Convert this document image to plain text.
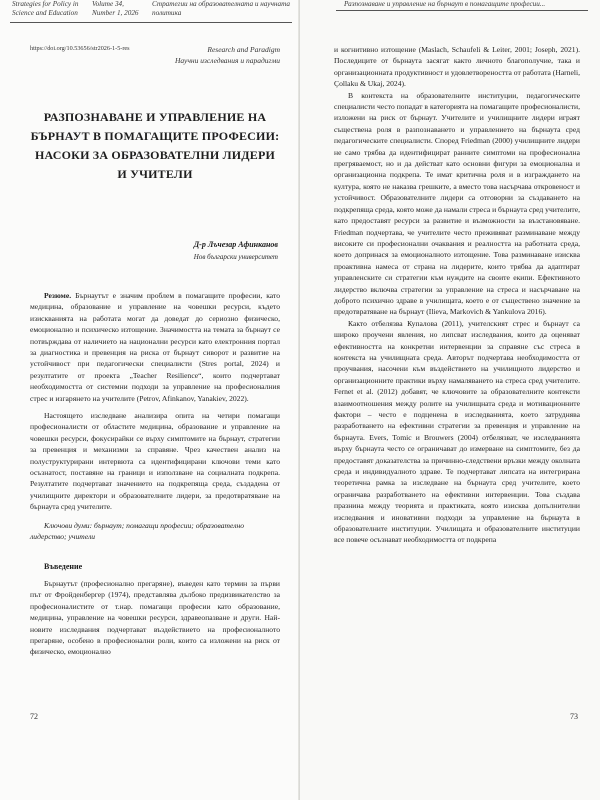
Strategies for Policy in Science and Education
Volume 34, Number 1, 2026
Стратегии на образователната и научната политика
https://doi.org/10.53656/str2026-1-5-res	Research and Paradigm
Научни изследвания и парадигми
РАЗПОЗНАВАНЕ И УПРАВЛЕНИЕ НА БЪРНАУТ В ПОМАГАЩИТЕ ПРОФЕСИИ: НАСОКИ ЗА ОБРАЗОВАТЕЛНИ ЛИДЕРИ И УЧИТЕЛИ
Д-р Лъчезар Афинканов
Нов български университет
Резюме. Бърнаутът е значим проблем в помагащите професии, като медицина, образование и управление на човешки ресурси, където изискванията на работата могат да доведат до сериозно физическо, емоционално и психическо изтощение. Значимостта на темата за бърнаут се потвърждава от наличието на национални ресурси като електронния портал за диагностика и превенция на риска от бърнаут сиворот и развитие на устойчивост при педагогически специалисти (Stres portal, 2024) и резултатите от проекта „Teacher Resilience“, които подчертават необходимостта от системни подходи за управление на професионалния стрес и изгарянето на учителите (Petrov, Afinkanov, Yanakiev, 2022).

Настоящето изследване анализира опита на четири помагащи професионалисти от областите медицина, образование и управление на човешки ресурси, фокусирайки се върху симптомите на бърнаут, стратегии за превенция и механизми за справяне. Чрез качествен анализ на полуструктурирани интервюта са идентифицирани ключови теми като осъзнатост, поставяне на граници и използване на социалната подкрепа. Резултатите подчертават значението на подкрепяща среда, създадена от училищните директори и образователните лидери, за предотвратяване на бърнаута сред учителите.

Ключови думи: бърнаут; помагащи професии; образователно лидерство; учители
Въведение

Бърнаутът (професионално прегаряне), въведен като термин за първи път от Фройденбергер (1974), представлява дълбоко предизвикателство за професионалистите от т.нар. помагащи професии като образование, медицина, управление на човешки ресурси, здравеопазване и други. Най-новите изследвания подчертават въздействието на професионалното прегаряне, особено в професионални роли, които са изложени на риск от физическо, емоционално

72
Разпознаване и управление на бърнаут в помагащите професии...

и когнитивно изтощение (Maslach, Schaufeli & Leiter, 2001; Joseph, 2021). Последиците от бърнаута засягат както личното благополучие, така и организационната продуктивност и удовлетвореността от работата (Harneli, Çollaku & Ukaj, 2024).

В контекста на образователните институции, педагогическите специалисти често попадат в категорията на помагащите професионалисти, изложени на риск от бърнаут. Учителите и училищните лидери играят съществена роля в разпознаването и управлението на бърнаута сред педагогическите специалисти. Според Friedman (2000) училищните лидери не само трябва да идентифицират ранните симптоми на професионална прегряваемост, но и да действат като основни фигури за емоционална и организационна подкрепа. Те имат критична роля и в изграждането на култура, която не наказва грешките, а вместо това насърчава откровеност и устойчивост. Образователните лидери са отговорни за създаването на подкрепяща среда, която може да намали стреса и бърнаута сред учителите, като предоставят ресурси за развитие и възможности за възстановяване. Friedman подчертава, че учителите често преживяват разминаване между високите си професионални очаквания и реалността на работната среда, което допринася за емоционалното изтощение. Това разминаване изисква проактивна намеса от страна на лидерите, които трябва да адаптират управленските си стратегии към нуждите на своите екипи. Ефективното лидерство включва стратегии за управление на стреса и насърчаване на доброто психично здраве в училищата, което е от съществено значение за предотвратяване на бърнаут (Ilieva, Markovich & Yankulova 2016).

Както отбелязва Купалова (2011), учителският стрес и бърнаут са широко проучени явления, но липсват изследвания, които да оценяват ефективността на конкретни интервенции за справяне със стреса в контекста на училищната среда. Авторът подчертава необходимостта от проучвания, насочени към въздействието на училищното лидерство и организационните практики върху намаляването на стреса сред учителите. Fernet et al. (2012) добавят, че ключовите за образователните контексти взаимоотношения между ролите на училищната среда и мотивационните фактори – често е подценена в изследванията, което затруднява разработването на ефективни стратегии за превенция и управление на бърнаута. Evers, Tomic и Brouwers (2004) отбелязват, че изследванията върху бърнаута често се ограничават до измерване на симптомите, без да предоставят доказателства за причинно-следствени връзки между околната среда и индивидуалното здраве. Те подчертават липсата на интегрирана теоретична рамка за изследване на бърнаута сред учителите, което ограничава разработването на ефективни интервенции. Това създава празнина между теорията и практиката, която изисква допълнителни изследвания и иновативни подходи за управление на бърнаута в образователните институции. Училищата и образователните институции все повече осъзнават необходимостта от подкрепа

73
